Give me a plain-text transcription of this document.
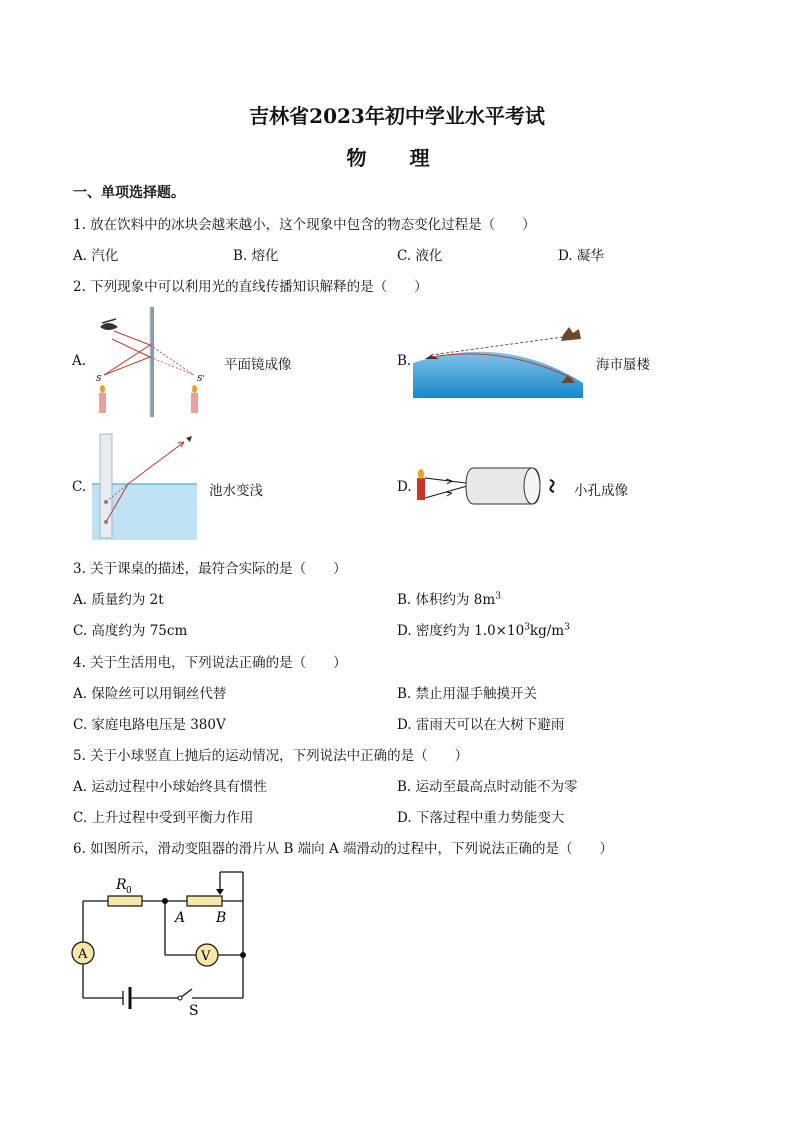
吉林省2023年初中学业水平考试
物 理
一、单项选择题。
1. 放在饮料中的冰块会越来越小，这个现象中包含的物态变化过程是（　　）
A. 汽化	B. 熔化	C. 液化	D. 凝华
2. 下列现象中可以利用光的直线传播知识解释的是（　　）
A.
S	S'
平面镜成像	B.	海市蜃楼
C.	池水变浅	D.	小孔成像
3. 关于课桌的描述，最符合实际的是（　　）
A. 质量约为 2t	B. 体积约为 $8m^3$
C. 高度约为 75cm	D. 密度约为 $1.0\times 10^3kg/m^3$
4. 关于生活用电，下列说法正确的是（　　）
A. 保险丝可以用铜丝代替	B. 禁止用湿手触摸开关
C. 家庭电路电压是 380V	D. 雷雨天可以在大树下避雨
5. 关于小球竖直上抛后的运动情况，下列说法中正确的是（　　）
A. 运动过程中小球始终具有惯性	B. 运动至最高点时动能不为零
C. 上升过程中受到平衡力作用	D. 下落过程中重力势能变大
6. 如图所示，滑动变阻器的滑片从 B 端向 A 端滑动的过程中，下列说法正确的是（　　）
A	V
R 0
A B
S
